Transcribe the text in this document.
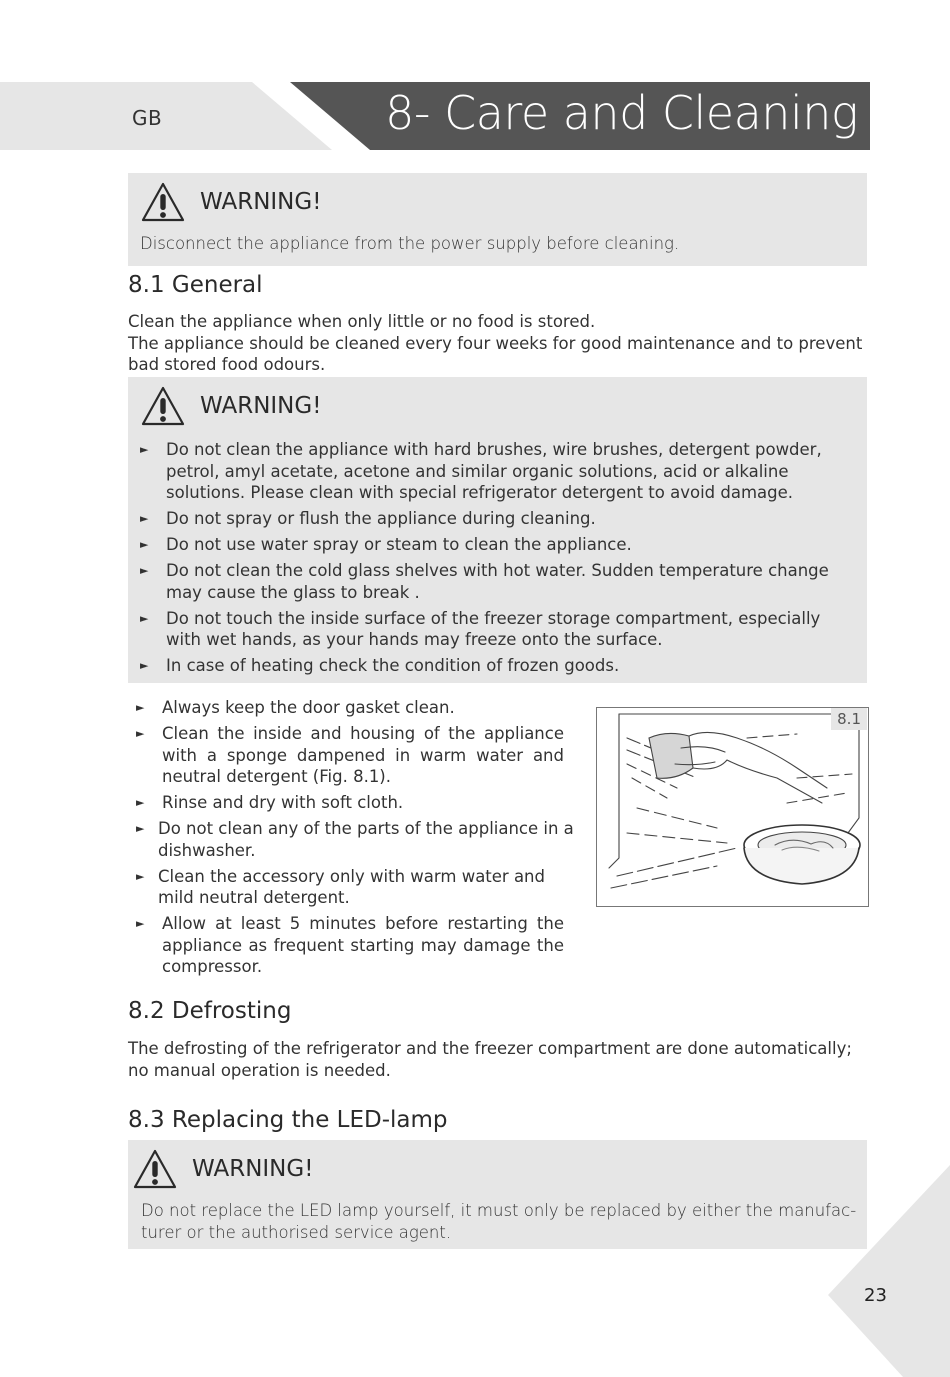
GB	8- Care and Cleaning
WARNING!
Disconnect the appliance from the power supply before cleaning.
8.1 General
Clean the appliance when only little or no food is stored.
The appliance should be cleaned every four weeks for good maintenance and to prevent bad stored food odours.
WARNING!
► Do not clean the appliance with hard brushes, wire brushes, detergent powder, petrol, amyl acetate, acetone and similar organic solutions, acid or alkaline solutions. Please clean with special refrigerator detergent to avoid damage.
► Do not spray or flush the appliance during cleaning.
► Do not use water spray or steam to clean the appliance.
► Do not clean the cold glass shelves with hot water. Sudden temperature change may cause the glass to break .
► Do not touch the inside surface of the freezer storage compartment, especially with wet hands, as your hands may freeze onto the surface.
► In case of heating check the condition of frozen goods.
► Always keep the door gasket clean.
► Clean the inside and housing of the appliance with a sponge dampened in warm water and neutral detergent (Fig. 8.1).
► Rinse and dry with soft cloth.
► Do not clean any of the parts of the appliance in a dishwasher.
► Clean the accessory only with warm water and mild neutral detergent.
► Allow at least 5 minutes before restarting the appliance as frequent starting may damage the compressor.
8.1
8.2 Defrosting
The defrosting of the refrigerator and the freezer compartment are done automatically; no manual operation is needed.
8.3 Replacing the LED-lamp
WARNING!
Do not replace the LED lamp yourself, it must only be replaced by either the manufac-turer or the authorised service agent.
23
